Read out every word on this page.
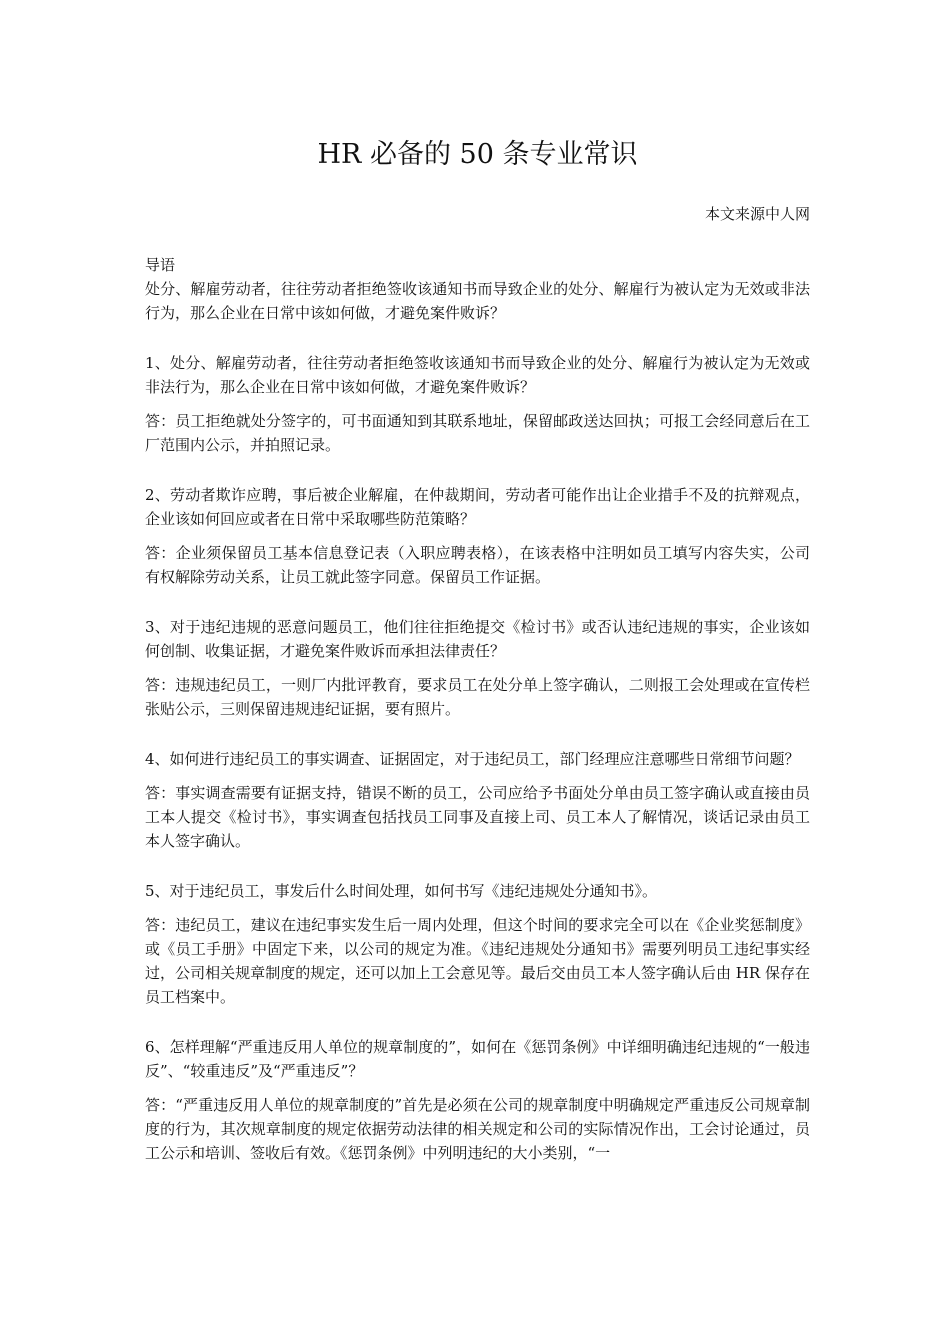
HR 必备的 50 条专业常识
本文来源中人网

导语

处分、解雇劳动者，往往劳动者拒绝签收该通知书而导致企业的处分、解雇行为被认定为无效或非法行为，那么企业在日常中该如何做，才避免案件败诉？

1、处分、解雇劳动者，往往劳动者拒绝签收该通知书而导致企业的处分、解雇行为被认定为无效或非法行为，那么企业在日常中该如何做，才避免案件败诉？

答：员工拒绝就处分签字的，可书面通知到其联系地址，保留邮政送达回执；可报工会经同意后在工厂范围内公示，并拍照记录。

2、劳动者欺诈应聘，事后被企业解雇，在仲裁期间，劳动者可能作出让企业措手不及的抗辩观点，企业该如何回应或者在日常中采取哪些防范策略？

答：企业须保留员工基本信息登记表（入职应聘表格），在该表格中注明如员工填写内容失实，公司有权解除劳动关系，让员工就此签字同意。保留员工作证据。

3、对于违纪违规的恶意问题员工，他们往往拒绝提交《检讨书》或否认违纪违规的事实，企业该如何创制、收集证据，才避免案件败诉而承担法律责任？

答：违规违纪员工，一则厂内批评教育，要求员工在处分单上签字确认，二则报工会处理或在宣传栏张贴公示，三则保留违规违纪证据，要有照片。

4、如何进行违纪员工的事实调查、证据固定，对于违纪员工，部门经理应注意哪些日常细节问题？

答：事实调查需要有证据支持，错误不断的员工，公司应给予书面处分单由员工签字确认或直接由员工本人提交《检讨书》，事实调查包括找员工同事及直接上司、员工本人了解情况，谈话记录由员工本人签字确认。

5、对于违纪员工，事发后什么时间处理，如何书写《违纪违规处分通知书》。

答：违纪员工，建议在违纪事实发生后一周内处理，但这个时间的要求完全可以在《企业奖惩制度》或《员工手册》中固定下来，以公司的规定为准。《违纪违规处分通知书》需要列明员工违纪事实经过，公司相关规章制度的规定，还可以加上工会意见等。最后交由员工本人签字确认后由 HR 保存在员工档案中。

6、怎样理解“严重违反用人单位的规章制度的”，如何在《惩罚条例》中详细明确违纪违规的“一般违反”、“较重违反”及“严重违反”？

答：“严重违反用人单位的规章制度的”首先是必须在公司的规章制度中明确规定严重违反公司规章制度的行为，其次规章制度的规定依据劳动法律的相关规定和公司的实际情况作出，工会讨论通过，员工公示和培训、签收后有效。《惩罚条例》中列明违纪的大小类别，“一
